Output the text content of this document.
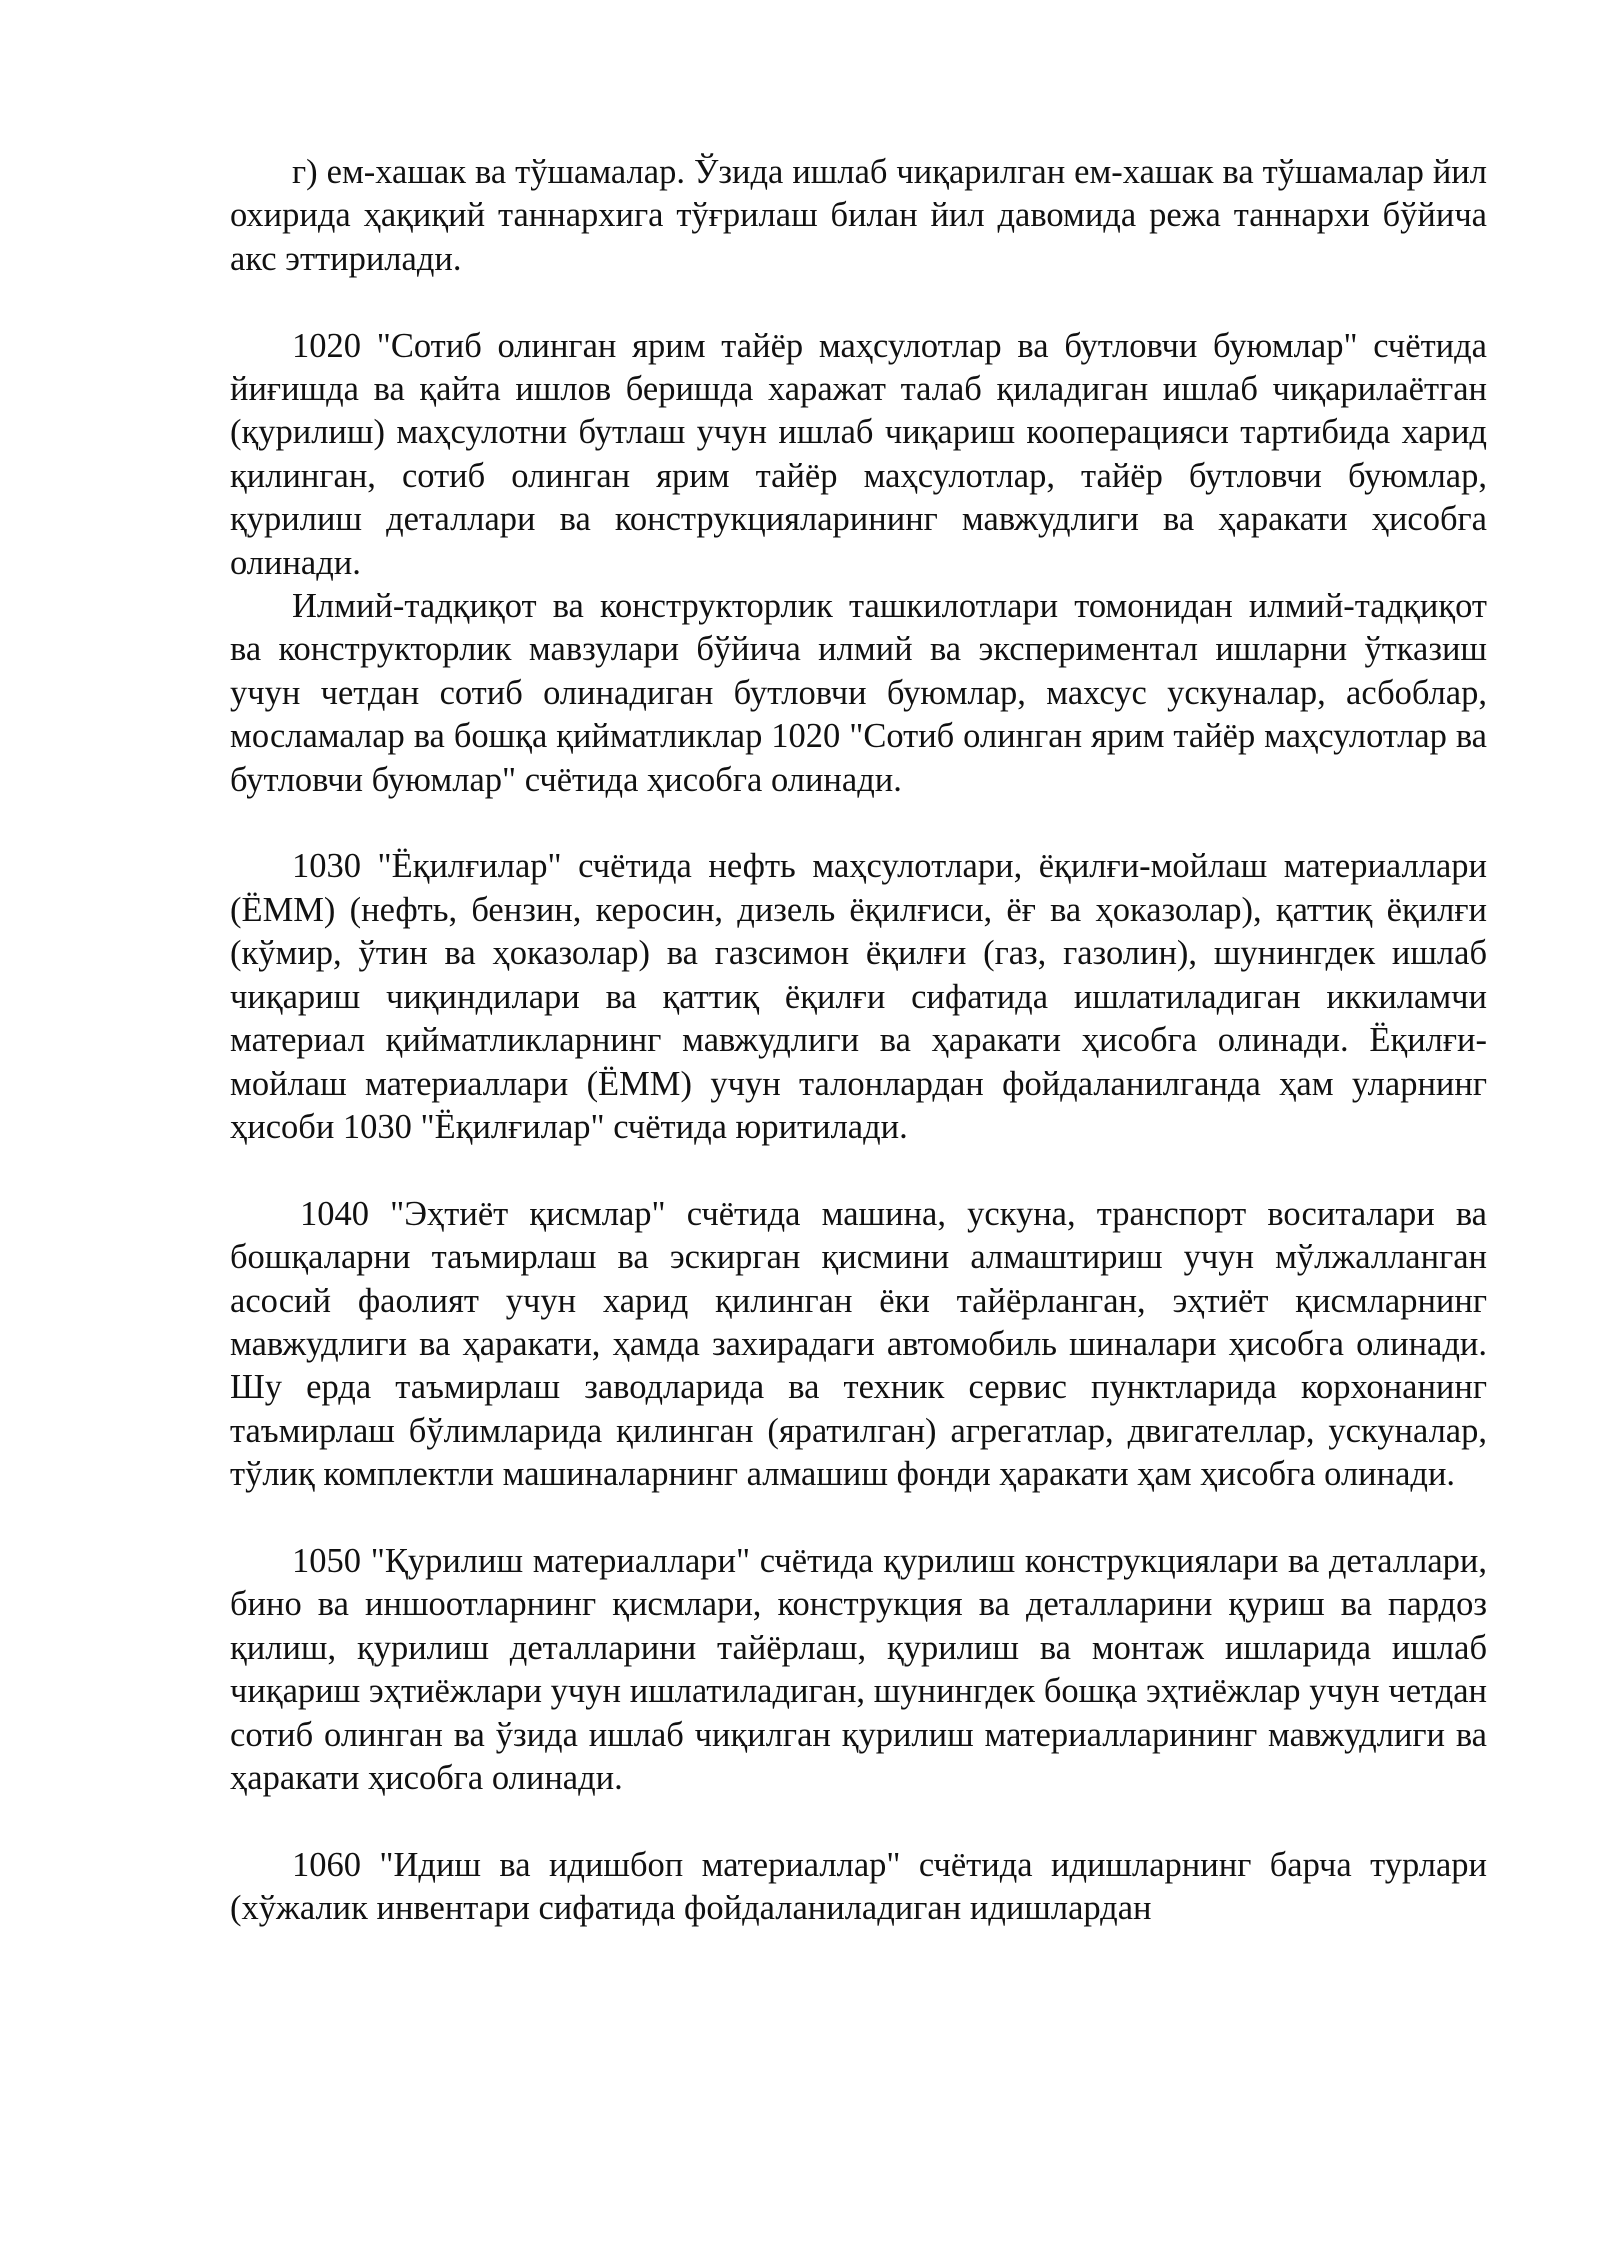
г) ем-хашак ва тўшамалар. Ўзида ишлаб чиқарилган ем-хашак ва тўшамалар йил охирида ҳақиқий таннархига тўғрилаш билан йил давомида режа таннархи бўйича акс эттирилади.

1020 "Сотиб олинган ярим тайёр маҳсулотлар ва бутловчи буюмлар" счётида йиғишда ва қайта ишлов беришда харажат талаб қиладиган ишлаб чиқарилаётган (қурилиш) маҳсулотни бутлаш учун ишлаб чиқариш кооперацияси тартибида харид қилинган, сотиб олинган ярим тайёр маҳсулотлар, тайёр бутловчи буюмлар, қурилиш деталлари ва конструкцияларининг мавжудлиги ва ҳаракати ҳисобга олинади.

Илмий-тадқиқот ва конструкторлик ташкилотлари томонидан илмий-тадқиқот ва конструкторлик мавзулари бўйича илмий ва экспериментал ишларни ўтказиш учун четдан сотиб олинадиган бутловчи буюмлар, махсус ускуналар, асбоблар, мосламалар ва бошқа қийматликлар 1020 "Сотиб олинган ярим тайёр маҳсулотлар ва бутловчи буюмлар" счётида ҳисобга олинади.

1030 "Ёқилғилар" счётида нефть маҳсулотлари, ёқилғи-мойлаш материаллари (ЁММ) (нефть, бензин, керосин, дизель ёқилғиси, ёғ ва ҳоказолар), қаттиқ ёқилғи (кўмир, ўтин ва ҳоказолар) ва газсимон ёқилғи (газ, газолин), шунингдек ишлаб чиқариш чиқиндилари ва қаттиқ ёқилғи сифатида ишлатиладиган иккиламчи материал қийматликларнинг мавжудлиги ва ҳаракати ҳисобга олинади. Ёқилғи-мойлаш материаллари (ЁММ) учун талонлардан фойдаланилганда ҳам уларнинг ҳисоби 1030 "Ёқилғилар" счётида юритилади.

1040 "Эҳтиёт қисмлар" счётида машина, ускуна, транспорт воситалари ва бошқаларни таъмирлаш ва эскирган қисмини алмаштириш учун мўлжалланган асосий фаолият учун харид қилинган ёки тайёрланган, эҳтиёт қисмларнинг мавжудлиги ва ҳаракати, ҳамда захирадаги автомобиль шиналари ҳисобга олинади. Шу ерда таъмирлаш заводларида ва техник сервис пунктларида корхонанинг таъмирлаш бўлимларида қилинган (яратилган) агрегатлар, двигателлар, ускуналар, тўлиқ комплектли машиналарнинг алмашиш фонди ҳаракати ҳам ҳисобга олинади.

1050 "Қурилиш материаллари" счётида қурилиш конструкциялари ва деталлари, бино ва иншоотларнинг қисмлари, конструкция ва деталларини қуриш ва пардоз қилиш, қурилиш деталларини тайёрлаш, қурилиш ва монтаж ишларида ишлаб чиқариш эҳтиёжлари учун ишлатиладиган, шунингдек бошқа эҳтиёжлар учун четдан сотиб олинган ва ўзида ишлаб чиқилган қурилиш материалларининг мавжудлиги ва ҳаракати ҳисобга олинади.

1060 "Идиш ва идишбоп материаллар" счётида идишларнинг барча турлари (хўжалик инвентари сифатида фойдаланиладиган идишлардан
